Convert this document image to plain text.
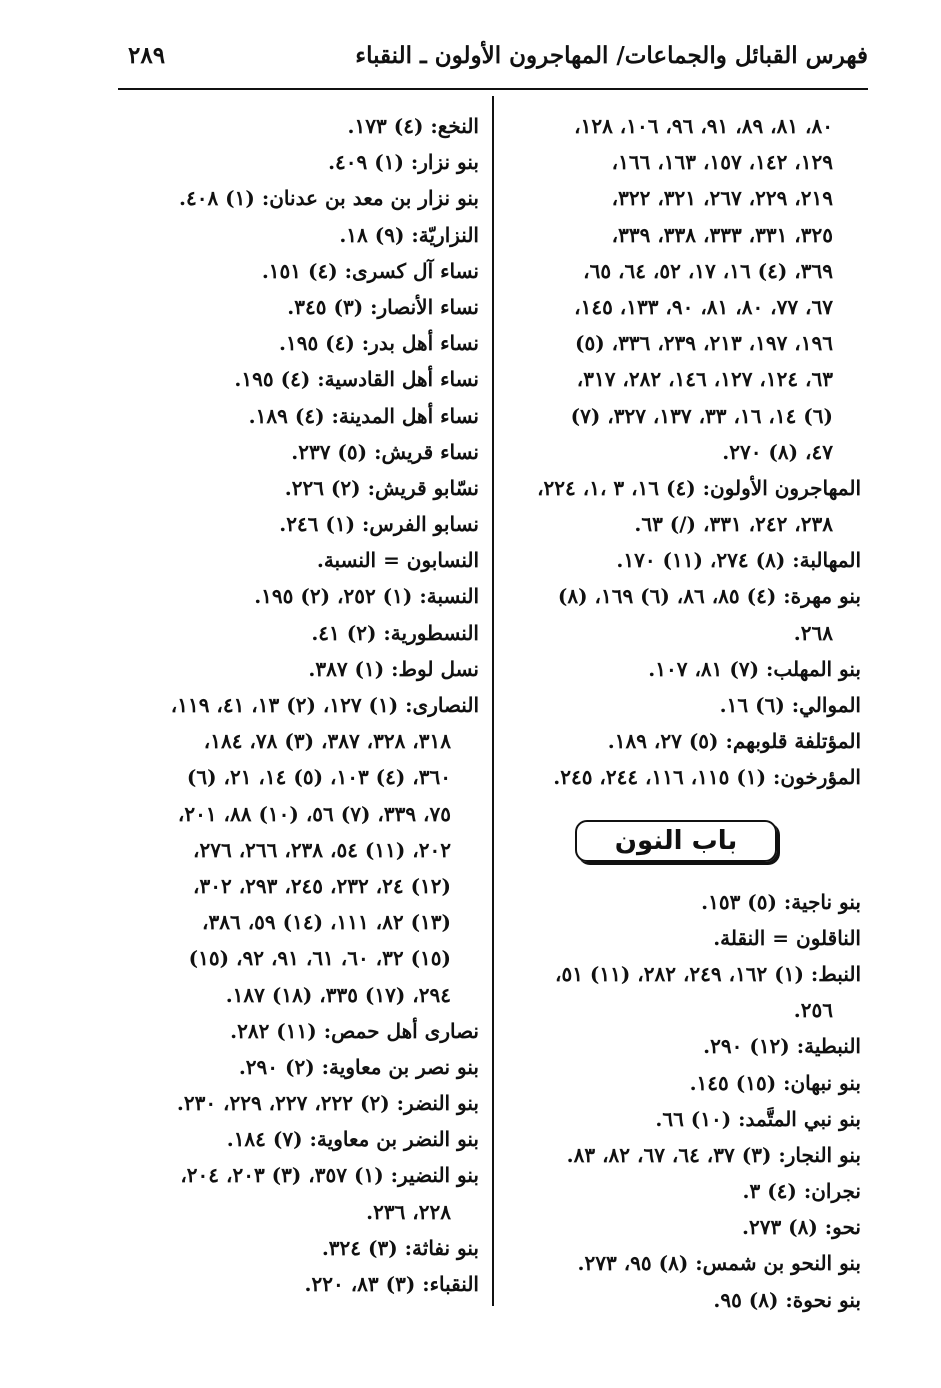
فهرس القبائل والجماعات/ المهاجرون الأولون ـ النقباء
٢٨٩
٨٠، ٨١، ٨٩، ٩١، ٩٦، ١٠٦، ١٢٨،
١٢٩، ١٤٢، ١٥٧، ١٦٣، ١٦٦،
٢١٩، ٢٢٩، ٢٦٧، ٣٢١، ٣٢٢،
٣٢٥، ٣٣١، ٣٣٣، ٣٣٨، ٣٣٩،
٣٦٩، (٤) ١٦، ١٧، ٥٢، ٦٤، ٦٥،
٦٧، ٧٧، ٨٠، ٨١، ٩٠، ١٣٣، ١٤٥،
١٩٦، ١٩٧، ٢١٣، ٢٣٩، ٣٣٦، (٥)
٦٣، ١٢٤، ١٢٧، ١٤٦، ٢٨٢، ٣١٧،
(٦) ١٤، ١٦، ٣٣، ١٣٧، ٣٢٧، (٧)
٤٧، (٨) ٢٧٠.
المهاجرون الأولون: (٤) ١٦، ٣ ،١، ٢٢٤،
٢٣٨، ٢٤٢، ٣٣١، (/) ٦٣.
المهالبة: (٨) ٢٧٤، (١١) ١٧٠.
بنو مهرة: (٤) ٨٥، ٨٦، (٦) ١٦٩، (٨)
٢٦٨.
بنو المهلب: (٧) ٨١، ١٠٧.
الموالي: (٦) ١٦.
المؤتلفة قلوبهم: (٥) ٢٧، ١٨٩.
المؤرخون: (١) ١١٥، ١١٦، ٢٤٤، ٢٤٥.
باب النون
بنو ناجية: (٥) ١٥٣.
الناقلون = النقلة.
النبط: (١) ١٦٢، ٢٤٩، ٢٨٢، (١١) ٥١،
٢٥٦.
النبطية: (١٢) ٢٩٠.
بنو نبهان: (١٥) ١٤٥.
بنو نبي المتَّمد: (١٠) ٦٦.
بنو النجار: (٣) ٣٧، ٦٤، ٦٧، ٨٢، ٨٣.
نجران: (٤) ٣.
نحو: (٨) ٢٧٣.
بنو النحو بن شمس: (٨) ٩٥، ٢٧٣.
بنو نحوة: (٨) ٩٥.
النخع: (٤) ١٧٣.
بنو نزار: (١) ٤٠٩.
بنو نزار بن معد بن عدنان: (١) ٤٠٨.
النزاريّة: (٩) ١٨.
نساء آل كسرى: (٤) ١٥١.
نساء الأنصار: (٣) ٣٤٥.
نساء أهل بدر: (٤) ١٩٥.
نساء أهل القادسية: (٤) ١٩٥.
نساء أهل المدينة: (٤) ١٨٩.
نساء قريش: (٥) ٢٣٧.
نسّابو قريش: (٢) ٢٢٦.
نسابو الفرس: (١) ٢٤٦.
النسابون = النسبة.
النسبة: (١) ٢٥٢، (٢) ١٩٥.
النسطورية: (٢) ٤١.
نسل لوط: (١) ٣٨٧.
النصارى: (١) ١٢٧، (٢) ١٣، ٤١، ١١٩،
٣١٨، ٣٢٨، ٣٨٧، (٣) ٧٨، ١٨٤،
٣٦٠، (٤) ١٠٣، (٥) ١٤، ٢١، (٦)
٧٥، ٣٣٩، (٧) ٥٦، (١٠) ٨٨، ٢٠١،
٢٠٢، (١١) ٥٤، ٢٣٨، ٢٦٦، ٢٧٦،
(١٢) ٢٤، ٢٣٢، ٢٤٥، ٢٩٣، ٣٠٢،
(١٣) ٨٢، ١١١، (١٤) ٥٩، ٣٨٦،
(١٥) ٣٢، ٦٠، ٦١، ٩١، ٩٢، (١٥)
٢٩٤، (١٧) ٣٣٥، (١٨) ١٨٧.
نصارى أهل حمص: (١١) ٢٨٢.
بنو نصر بن معاوية: (٢) ٢٩٠.
بنو النضر: (٢) ٢٢٢، ٢٢٧، ٢٢٩، ٢٣٠.
بنو النضر بن معاوية: (٧) ١٨٤.
بنو النضير: (١) ٣٥٧، (٣) ٢٠٣، ٢٠٤،
٢٢٨، ٢٣٦.
بنو نفاثة: (٣) ٣٢٤.
النقباء: (٣) ٨٣، ٢٢٠.
